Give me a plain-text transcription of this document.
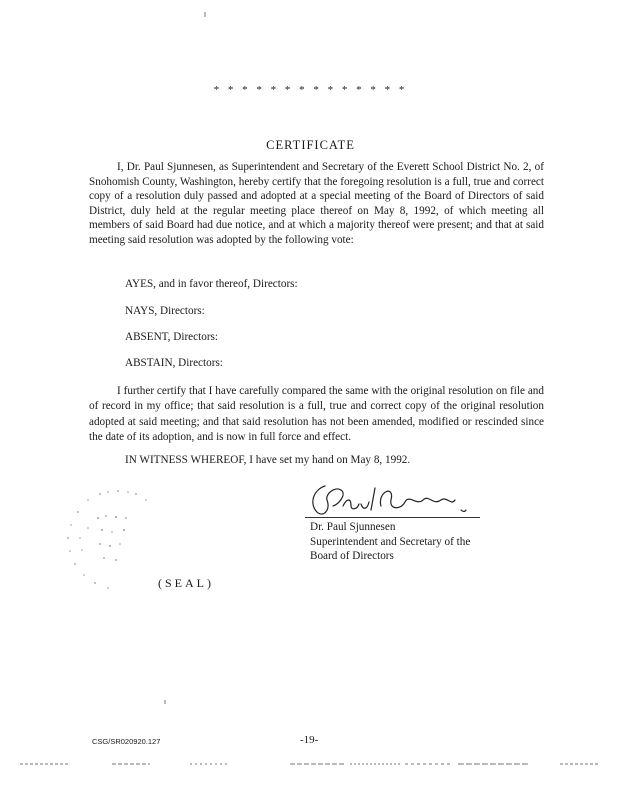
* * * * * * * * * * * * * *
CERTIFICATE
I, Dr. Paul Sjunnesen, as Superintendent and Secretary of the Everett School District No. 2, of Snohomish County, Washington, hereby certify that the foregoing resolution is a full, true and correct copy of a resolution duly passed and adopted at a special meeting of the Board of Directors of said District, duly held at the regular meeting place thereof on May 8, 1992, of which meeting all members of said Board had due notice, and at which a majority thereof were present; and that at said meeting said resolution was adopted by the following vote:
AYES, and in favor thereof, Directors:
NAYS, Directors:
ABSENT, Directors:
ABSTAIN, Directors:
I further certify that I have carefully compared the same with the original resolution on file and of record in my office; that said resolution is a full, true and correct copy of the original resolution adopted at said meeting; and that said resolution has not been amended, modified or rescinded since the date of its adoption, and is now in full force and effect.
IN WITNESS WHEREOF, I have set my hand on May 8, 1992.
(SEAL)
Dr. Paul Sjunnesen
Superintendent and Secretary of the
Board of Directors
CSG/SR020920.127	-19-
